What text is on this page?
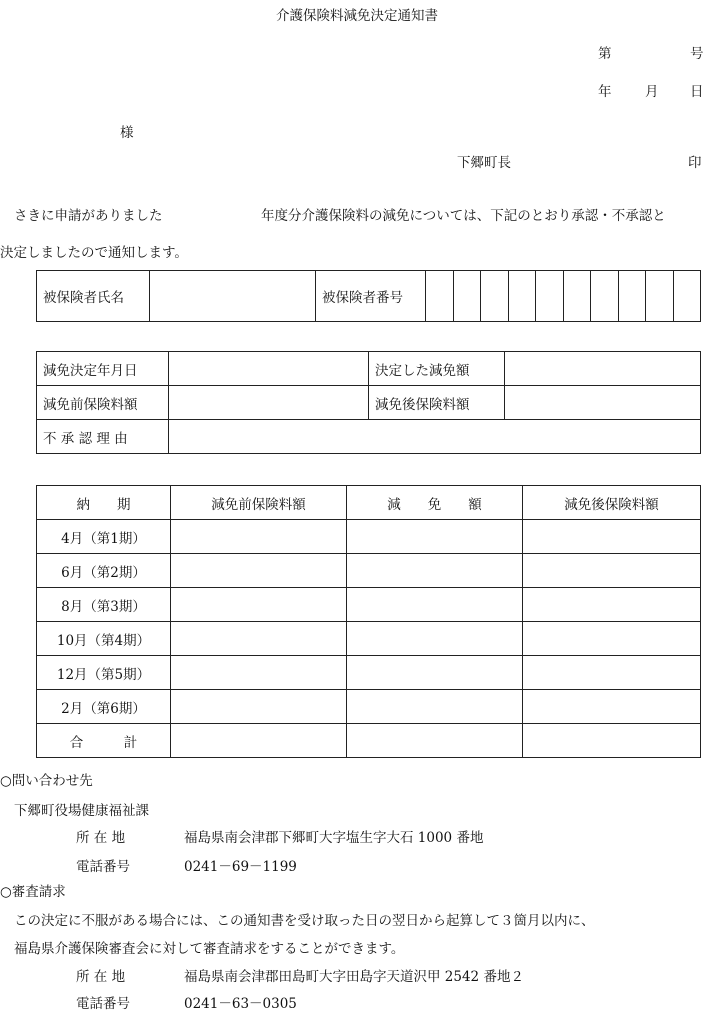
介護保険料減免決定通知書
第	号
年 月 日
様
下郷町長	印
さきに申請がありました	年度分介護保険料の減免については、下記のとおり承認・不承認と
決定しましたので通知します。
被保険者氏名		被保険者番号										
減免決定年月日		決定した減免額	
減免前保険料額		減免後保険料額	
不 承 認 理 由			
納　　期	減免前保険料額	減　　免　　額	減免後保険料額
4月（第1期）			
6月（第2期）			
8月（第3期）			
10月（第4期）			
12月（第5期）			
2月（第6期）			
合　　　計			
○問い合わせ先
下郷町役場健康福祉課
所 在 地	福島県南会津郡下郷町大字塩生字大石 1000 番地
電話番号	0241－69－1199
○審査請求
この決定に不服がある場合には、この通知書を受け取った日の翌日から起算して３箇月以内に、
福島県介護保険審査会に対して審査請求をすることができます。
所 在 地	福島県南会津郡田島町大字田島字天道沢甲 2542 番地２
電話番号	0241－63－0305
